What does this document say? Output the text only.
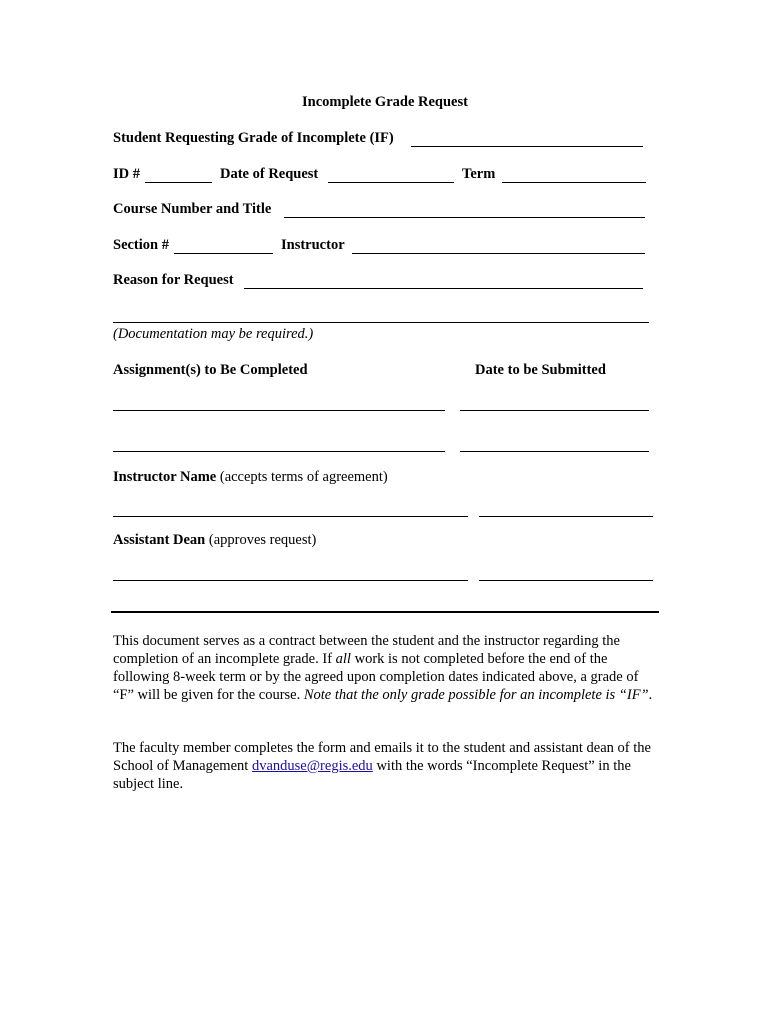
Incomplete Grade Request
Student Requesting Grade of Incomplete (IF)
ID #	Date of Request	Term
Course Number and Title
Section #	Instructor
Reason for Request
(Documentation may be required.)
Assignment(s) to Be Completed	Date to be Submitted
Instructor Name (accepts terms of agreement)
Assistant Dean (approves request)
This document serves as a contract between the student and the instructor regarding the completion of an incomplete grade. If all work is not completed before the end of the following 8-week term or by the agreed upon completion dates indicated above, a grade of “F” will be given for the course. Note that the only grade possible for an incomplete is “IF”.
The faculty member completes the form and emails it to the student and assistant dean of the School of Management dvanduse@regis.edu with the words “Incomplete Request” in the subject line.
